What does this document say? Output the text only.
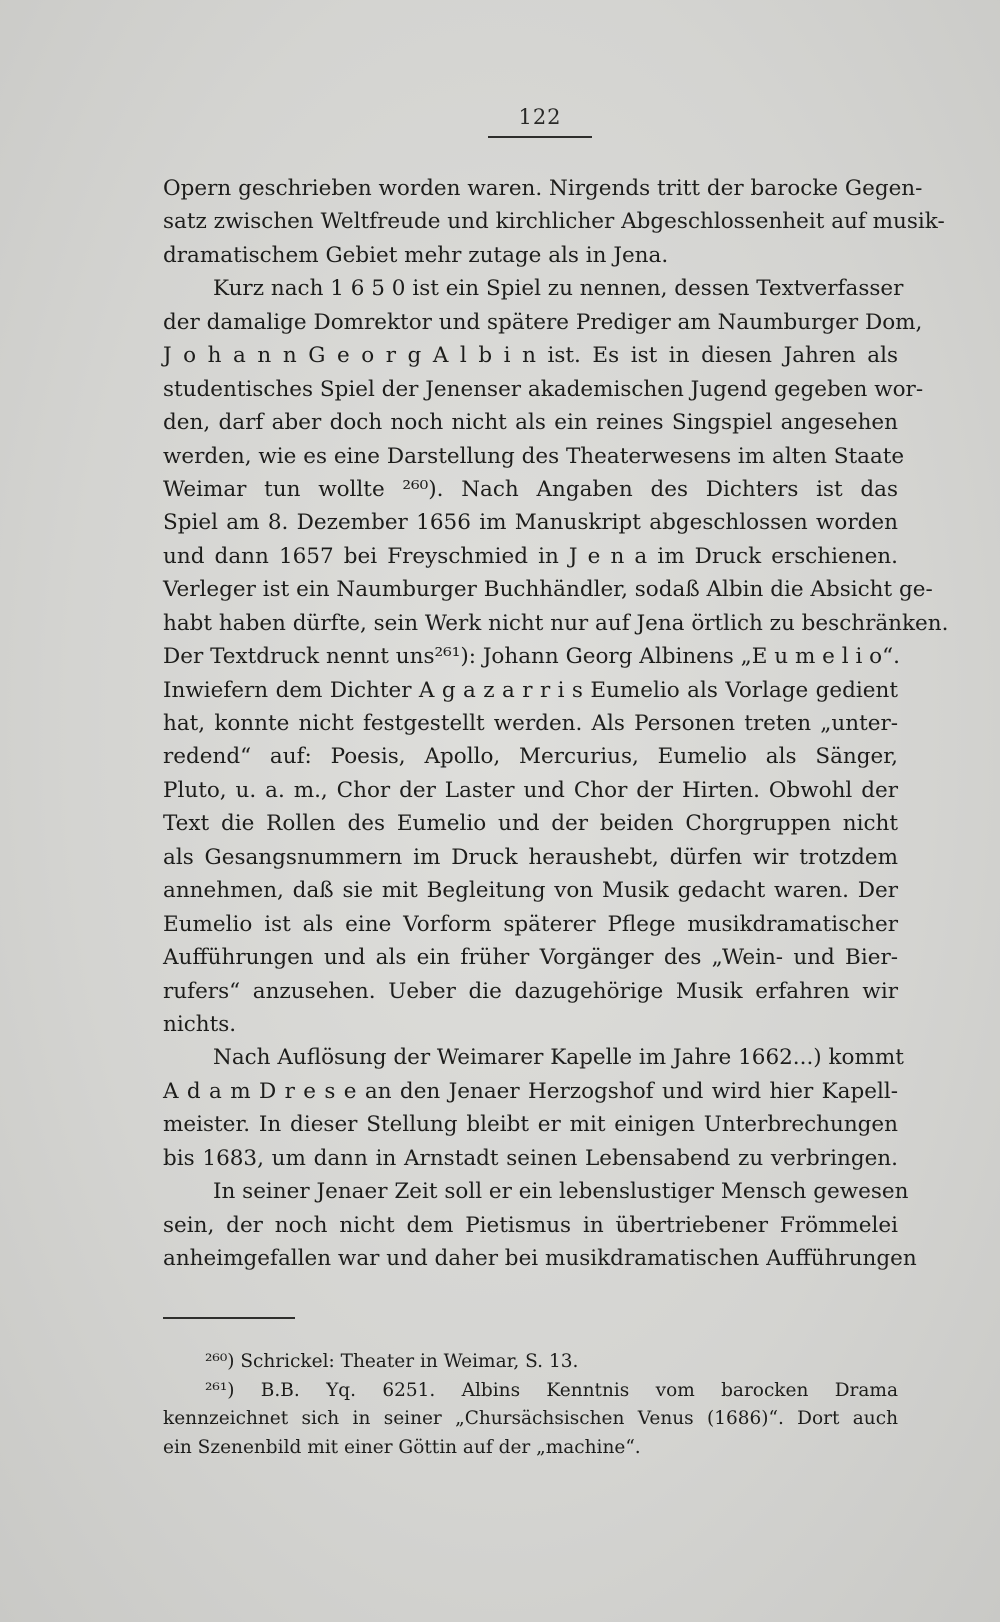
122
Opern geschrieben worden waren. Nirgends tritt der barocke Gegen-
satz zwischen Weltfreude und kirchlicher Abgeschlossenheit auf musik-
dramatischem Gebiet mehr zutage als in Jena.
Kurz nach 1 6 5 0 ist ein Spiel zu nennen, dessen Textverfasser
der damalige Domrektor und spätere Prediger am Naumburger Dom,
J o h a n n G e o r g A l b i n ist. Es ist in diesen Jahren als
studentisches Spiel der Jenenser akademischen Jugend gegeben wor-
den, darf aber doch noch nicht als ein reines Singspiel angesehen
werden, wie es eine Darstellung des Theaterwesens im alten Staate
Weimar tun wollte ²⁶⁰). Nach Angaben des Dichters ist das
Spiel am 8. Dezember 1656 im Manuskript abgeschlossen worden
und dann 1657 bei Freyschmied in J e n a im Druck erschienen.
Verleger ist ein Naumburger Buchhändler, sodaß Albin die Absicht ge-
habt haben dürfte, sein Werk nicht nur auf Jena örtlich zu beschränken.
Der Textdruck nennt uns²⁶¹): Johann Georg Albinens „E u m e l i o“.
Inwiefern dem Dichter A g a z a r r i s Eumelio als Vorlage gedient
hat, konnte nicht festgestellt werden. Als Personen treten „unter-
redend“ auf: Poesis, Apollo, Mercurius, Eumelio als Sänger,
Pluto, u. a. m., Chor der Laster und Chor der Hirten. Obwohl der
Text die Rollen des Eumelio und der beiden Chorgruppen nicht
als Gesangsnummern im Druck heraushebt, dürfen wir trotzdem
annehmen, daß sie mit Begleitung von Musik gedacht waren. Der
Eumelio ist als eine Vorform späterer Pflege musikdramatischer
Aufführungen und als ein früher Vorgänger des „Wein- und Bier-
rufers“ anzusehen. Ueber die dazugehörige Musik erfahren wir
nichts.
Nach Auflösung der Weimarer Kapelle im Jahre 1662...) kommt
A d a m D r e s e an den Jenaer Herzogshof und wird hier Kapell-
meister. In dieser Stellung bleibt er mit einigen Unterbrechungen
bis 1683, um dann in Arnstadt seinen Lebensabend zu verbringen.
In seiner Jenaer Zeit soll er ein lebenslustiger Mensch gewesen
sein, der noch nicht dem Pietismus in übertriebener Frömmelei
anheimgefallen war und daher bei musikdramatischen Aufführungen
²⁶⁰) Schrickel: Theater in Weimar, S. 13.
²⁶¹) B.B. Yq. 6251. Albins Kenntnis vom barocken Drama
kennzeichnet sich in seiner „Chursächsischen Venus (1686)“. Dort auch
ein Szenenbild mit einer Göttin auf der „machine“.
